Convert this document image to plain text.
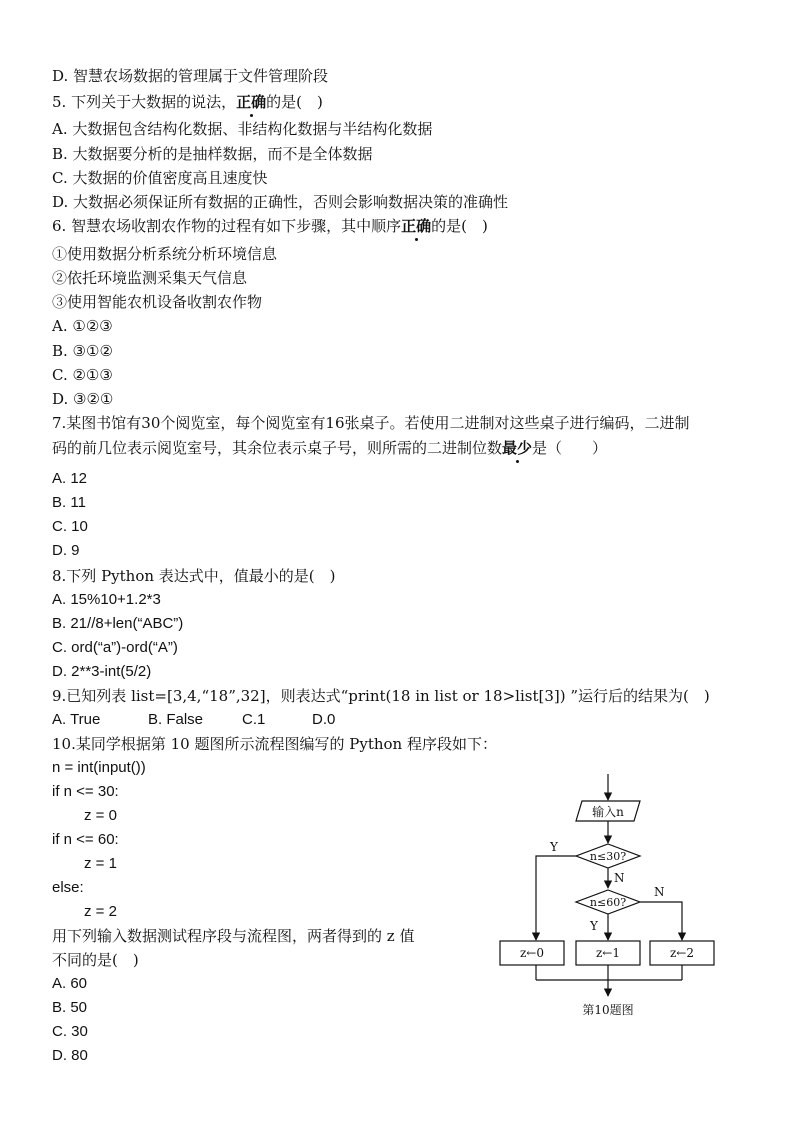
D. 智慧农场数据的管理属于文件管理阶段
5. 下列关于大数据的说法，正确的是(　)
A. 大数据包含结构化数据、非结构化数据与半结构化数据
B. 大数据要分析的是抽样数据，而不是全体数据
C. 大数据的价值密度高且速度快
D. 大数据必须保证所有数据的正确性，否则会影响数据决策的准确性
6. 智慧农场收割农作物的过程有如下步骤，其中顺序正确的是(　)
①使用数据分析系统分析环境信息
②依托环境监测采集天气信息
③使用智能农机设备收割农作物
A. ①②③
B. ③①②
C. ②①③
D. ③②①
7.某图书馆有30个阅览室，每个阅览室有16张桌子。若使用二进制对这些桌子进行编码，二进制
码的前几位表示阅览室号，其余位表示桌子号，则所需的二进制位数最少是（　　）
A. 12
B. 11
C. 10
D. 9
8.下列 Python 表达式中，值最小的是(　)
A. 15%10+1.2*3
B. 21//8+len(“ABC”)
C. ord(“a”)-ord(“A”)
D. 2**3-int(5/2)
9.已知列表 list=[3,4,“18”,32]，则表达式“print(18 in list or 18>list[3]) ”运行后的结果为(　)
A. True	B. False	C.1	D.0
10.某同学根据第 10 题图所示流程图编写的 Python 程序段如下：
n = int(input())
if n <= 30:
z = 0
if n <= 60:
z = 1
else:
z = 2
用下列输入数据测试程序段与流程图，两者得到的 z 值
不同的是(　)
A. 60
B. 50
C. 30
D. 80
输入n
n≤30?
n≤60?
Y
N
Y
N
z←0	z←1	z←2
第10题图
